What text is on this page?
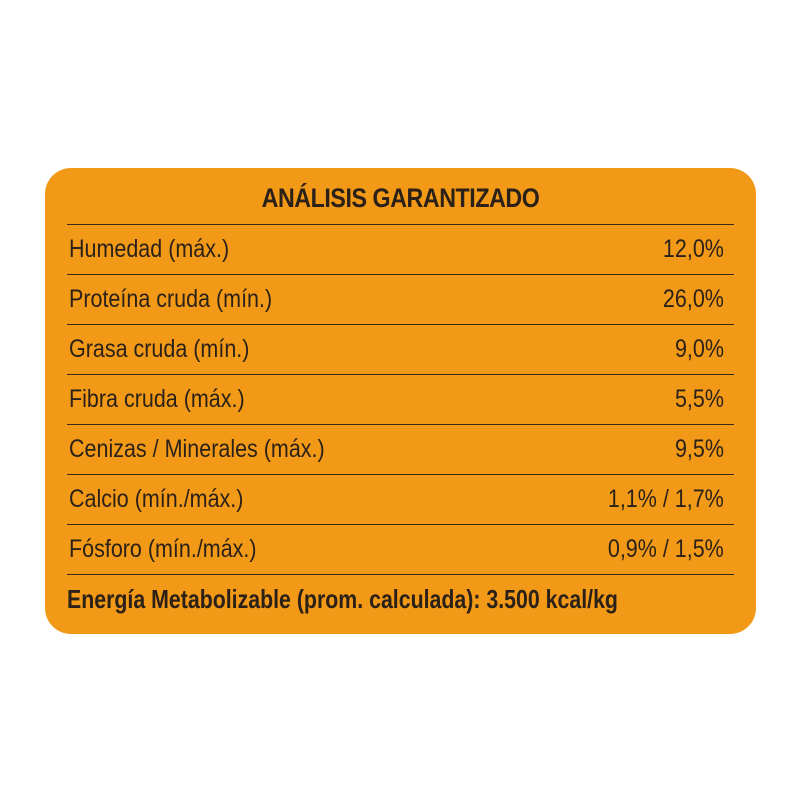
ANÁLISIS GARANTIZADO
Humedad (máx.)	12,0%
Proteína cruda (mín.)	26,0%
Grasa cruda (mín.)	9,0%
Fibra cruda (máx.)	5,5%
Cenizas / Minerales (máx.)	9,5%
Calcio (mín./máx.)	1,1% / 1,7%
Fósforo (mín./máx.)	0,9% / 1,5%
Energía Metabolizable (prom. calculada): 3.500 kcal/kg
